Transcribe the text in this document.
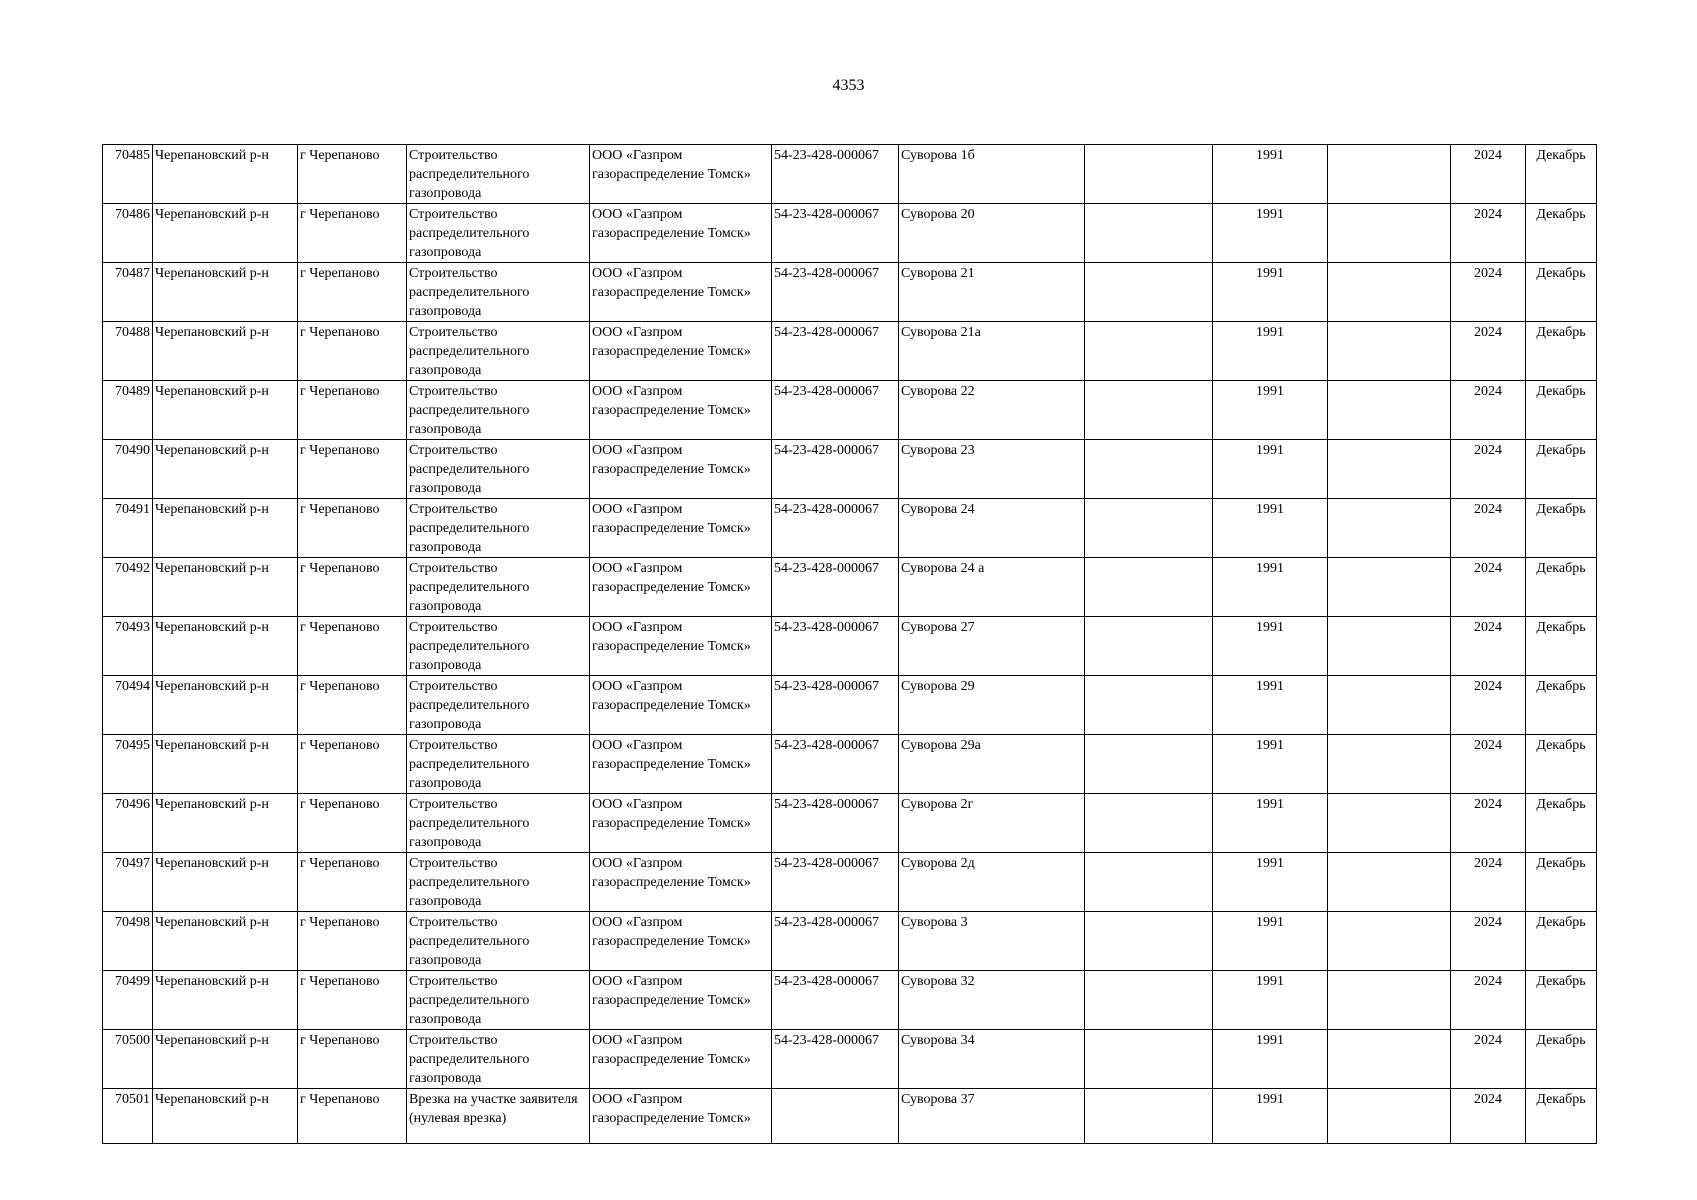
4353
70485	Черепановский р-н	г Черепаново	Строительство распределительного газопровода	ООО «Газпром газораспределение Томск»	54-23-428-000067	Суворова 1б		1991		2024	Декабрь
70486	Черепановский р-н	г Черепаново	Строительство распределительного газопровода	ООО «Газпром газораспределение Томск»	54-23-428-000067	Суворова 20		1991		2024	Декабрь
70487	Черепановский р-н	г Черепаново	Строительство распределительного газопровода	ООО «Газпром газораспределение Томск»	54-23-428-000067	Суворова 21		1991		2024	Декабрь
70488	Черепановский р-н	г Черепаново	Строительство распределительного газопровода	ООО «Газпром газораспределение Томск»	54-23-428-000067	Суворова 21а		1991		2024	Декабрь
70489	Черепановский р-н	г Черепаново	Строительство распределительного газопровода	ООО «Газпром газораспределение Томск»	54-23-428-000067	Суворова 22		1991		2024	Декабрь
70490	Черепановский р-н	г Черепаново	Строительство распределительного газопровода	ООО «Газпром газораспределение Томск»	54-23-428-000067	Суворова 23		1991		2024	Декабрь
70491	Черепановский р-н	г Черепаново	Строительство распределительного газопровода	ООО «Газпром газораспределение Томск»	54-23-428-000067	Суворова 24		1991		2024	Декабрь
70492	Черепановский р-н	г Черепаново	Строительство распределительного газопровода	ООО «Газпром газораспределение Томск»	54-23-428-000067	Суворова 24 а		1991		2024	Декабрь
70493	Черепановский р-н	г Черепаново	Строительство распределительного газопровода	ООО «Газпром газораспределение Томск»	54-23-428-000067	Суворова 27		1991		2024	Декабрь
70494	Черепановский р-н	г Черепаново	Строительство распределительного газопровода	ООО «Газпром газораспределение Томск»	54-23-428-000067	Суворова 29		1991		2024	Декабрь
70495	Черепановский р-н	г Черепаново	Строительство распределительного газопровода	ООО «Газпром газораспределение Томск»	54-23-428-000067	Суворова 29а		1991		2024	Декабрь
70496	Черепановский р-н	г Черепаново	Строительство распределительного газопровода	ООО «Газпром газораспределение Томск»	54-23-428-000067	Суворова 2г		1991		2024	Декабрь
70497	Черепановский р-н	г Черепаново	Строительство распределительного газопровода	ООО «Газпром газораспределение Томск»	54-23-428-000067	Суворова 2д		1991		2024	Декабрь
70498	Черепановский р-н	г Черепаново	Строительство распределительного газопровода	ООО «Газпром газораспределение Томск»	54-23-428-000067	Суворова 3		1991		2024	Декабрь
70499	Черепановский р-н	г Черепаново	Строительство распределительного газопровода	ООО «Газпром газораспределение Томск»	54-23-428-000067	Суворова 32		1991		2024	Декабрь
70500	Черепановский р-н	г Черепаново	Строительство распределительного газопровода	ООО «Газпром газораспределение Томск»	54-23-428-000067	Суворова 34		1991		2024	Декабрь
70501	Черепановский р-н	г Черепаново	Врезка на участке заявителя (нулевая врезка)	ООО «Газпром газораспределение Томск»		Суворова 37		1991		2024	Декабрь
